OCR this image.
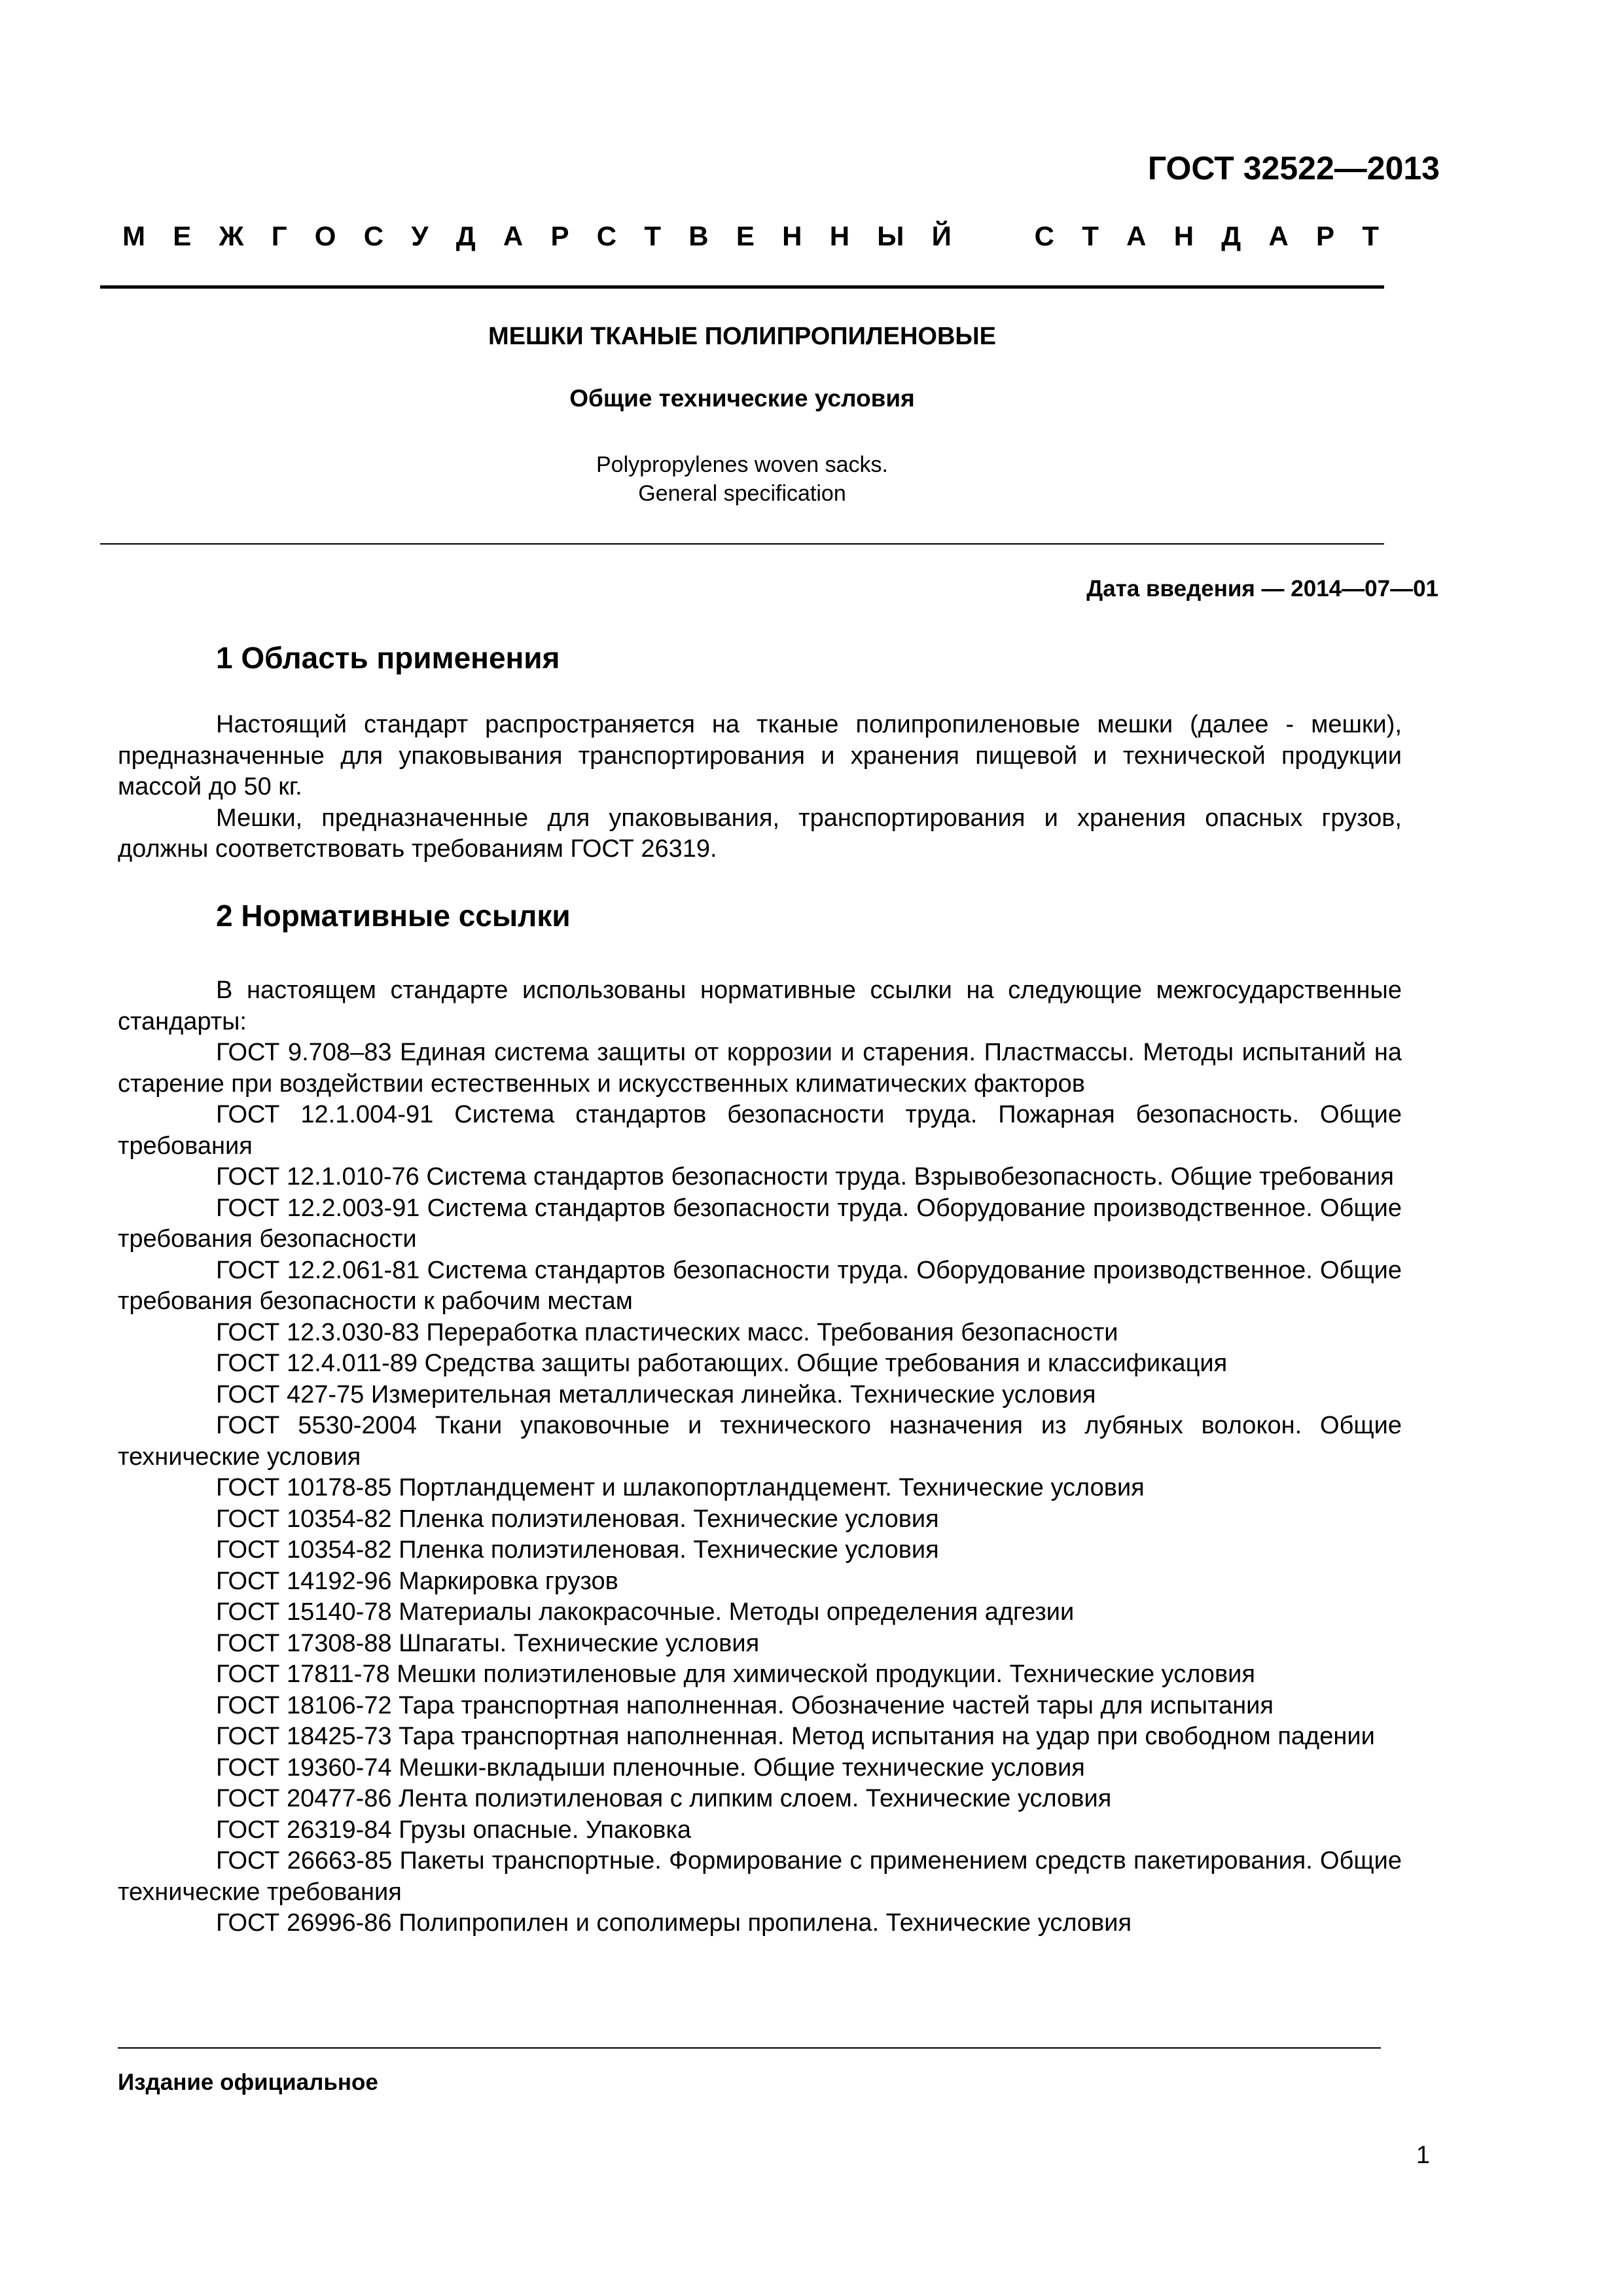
ГОСТ 32522—2013
М Е Ж Г О С У Д А Р С Т В Е Н Н Ы Й	С Т А Н Д А Р Т
МЕШКИ ТКАНЫЕ ПОЛИПРОПИЛЕНОВЫЕ
Общие технические условия
Polypropylenes woven sacks.
General specification
Дата введения — 2014—07—01
1 Область применения

Настоящий стандарт распространяется на тканые полипропиленовые мешки (далее - мешки), предназначенные для упаковывания транспортирования и хранения пищевой и технической продукции массой до 50 кг.

Мешки, предназначенные для упаковывания, транспортирования и хранения опасных грузов, должны соответствовать требованиям ГОСТ 26319.

2 Нормативные ссылки

В настоящем стандарте использованы нормативные ссылки на следующие межгосударственные стандарты:

ГОСТ 9.708–83 Единая система защиты от коррозии и старения. Пластмассы. Методы испытаний на старение при воздействии естественных и искусственных климатических факторов

ГОСТ 12.1.004-91 Система стандартов безопасности труда. Пожарная безопасность. Общие требования

ГОСТ 12.1.010-76 Система стандартов безопасности труда. Взрывобезопасность. Общие требования

ГОСТ 12.2.003-91 Система стандартов безопасности труда. Оборудование производственное. Общие требования безопасности

ГОСТ 12.2.061-81 Система стандартов безопасности труда. Оборудование производственное. Общие требования безопасности к рабочим местам

ГОСТ 12.3.030-83 Переработка пластических масс. Требования безопасности

ГОСТ 12.4.011-89 Средства защиты работающих. Общие требования и классификация

ГОСТ 427-75 Измерительная металлическая линейка. Технические условия

ГОСТ 5530-2004 Ткани упаковочные и технического назначения из лубяных волокон. Общие технические условия

ГОСТ 10178-85 Портландцемент и шлакопортландцемент. Технические условия

ГОСТ 10354-82 Пленка полиэтиленовая. Технические условия

ГОСТ 10354-82 Пленка полиэтиленовая. Технические условия

ГОСТ 14192-96 Маркировка грузов

ГОСТ 15140-78 Материалы лакокрасочные. Методы определения адгезии

ГОСТ 17308-88 Шпагаты. Технические условия

ГОСТ 17811-78 Мешки полиэтиленовые для химической продукции. Технические условия

ГОСТ 18106-72 Тара транспортная наполненная. Обозначение частей тары для испытания

ГОСТ 18425-73 Тара транспортная наполненная. Метод испытания на удар при свободном падении

ГОСТ 19360-74 Мешки-вкладыши пленочные. Общие технические условия

ГОСТ 20477-86 Лента полиэтиленовая с липким слоем. Технические условия

ГОСТ 26319-84 Грузы опасные. Упаковка

ГОСТ 26663-85 Пакеты транспортные. Формирование с применением средств пакетирования. Общие технические требования

ГОСТ 26996-86 Полипропилен и сополимеры пропилена. Технические условия

Издание официальное
1
